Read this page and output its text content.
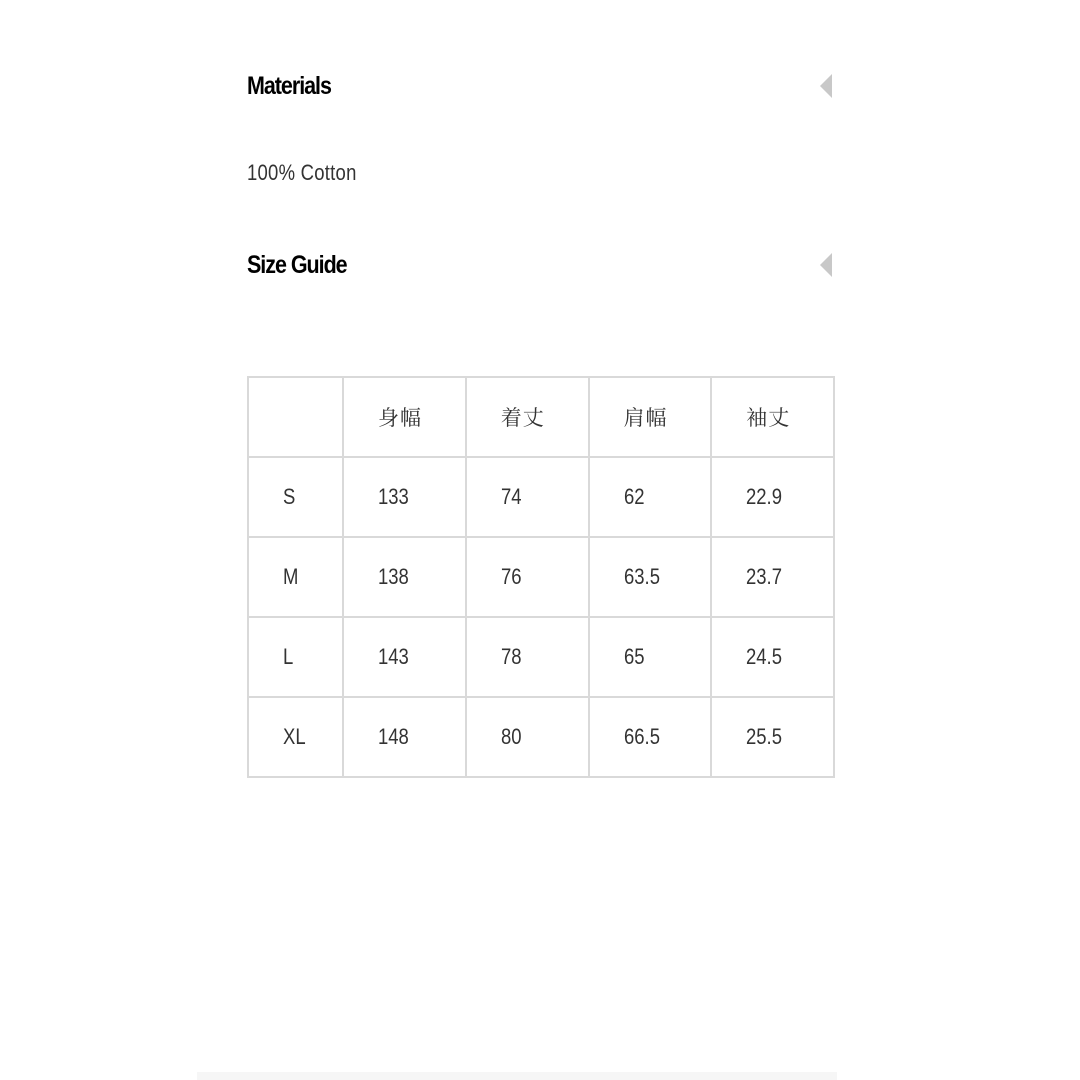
Materials
100% Cotton
Size Guide
	身幅	着丈	肩幅	袖丈
S	133	74	62	22.9
M	138	76	63.5	23.7
L	143	78	65	24.5
XL	148	80	66.5	25.5
